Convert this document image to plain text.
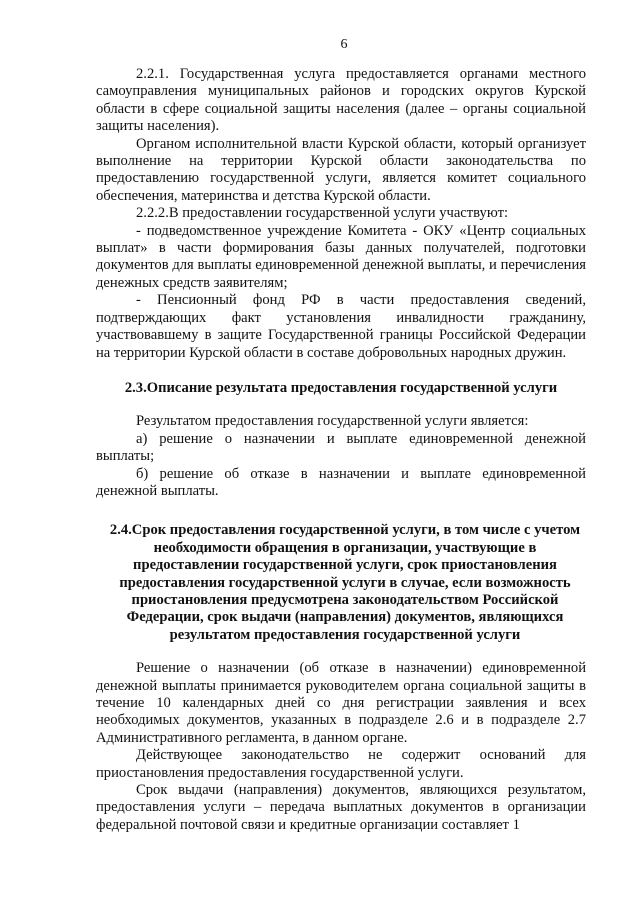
6

2.2.1. Государственная услуга предоставляется органами местного самоуправления муниципальных районов и городских округов Курской области в сфере социальной защиты населения (далее – органы социальной защиты населения).

Органом исполнительной власти Курской области, который организует выполнение на территории Курской области законодательства по предоставлению государственной услуги, является комитет социального обеспечения, материнства и детства Курской области.

2.2.2.В предоставлении государственной услуги участвуют:

- подведомственное учреждение Комитета - ОКУ «Центр социальных выплат» в части формирования базы данных получателей, подготовки документов для выплаты единовременной денежной выплаты, и перечисления денежных средств заявителям;

- Пенсионный фонд РФ в части предоставления сведений, подтверждающих факт установления инвалидности гражданину, участвовавшему в защите Государственной границы Российской Федерации на территории Курской области в составе добровольных народных дружин.

2.3.Описание результата предоставления государственной услуги

Результатом предоставления государственной услуги является:

а) решение о назначении и выплате единовременной денежной выплаты;

б) решение об отказе в назначении и выплате единовременной денежной выплаты.

2.4.Срок предоставления государственной услуги, в том числе с учетом необходимости обращения в организации, участвующие в предоставлении государственной услуги, срок приостановления предоставления государственной услуги в случае, если возможность приостановления предусмотрена законодательством Российской Федерации, срок выдачи (направления) документов, являющихся результатом предоставления государственной услуги

Решение о назначении (об отказе в назначении) единовременной денежной выплаты принимается руководителем органа социальной защиты в течение 10 календарных дней со дня регистрации заявления и всех необходимых документов, указанных в подразделе 2.6 и в подразделе 2.7 Административного регламента, в данном органе.

Действующее законодательство не содержит оснований для приостановления предоставления государственной услуги.

Срок выдачи (направления) документов, являющихся результатом, предоставления услуги – передача выплатных документов в организации федеральной почтовой связи и кредитные организации составляет 1
